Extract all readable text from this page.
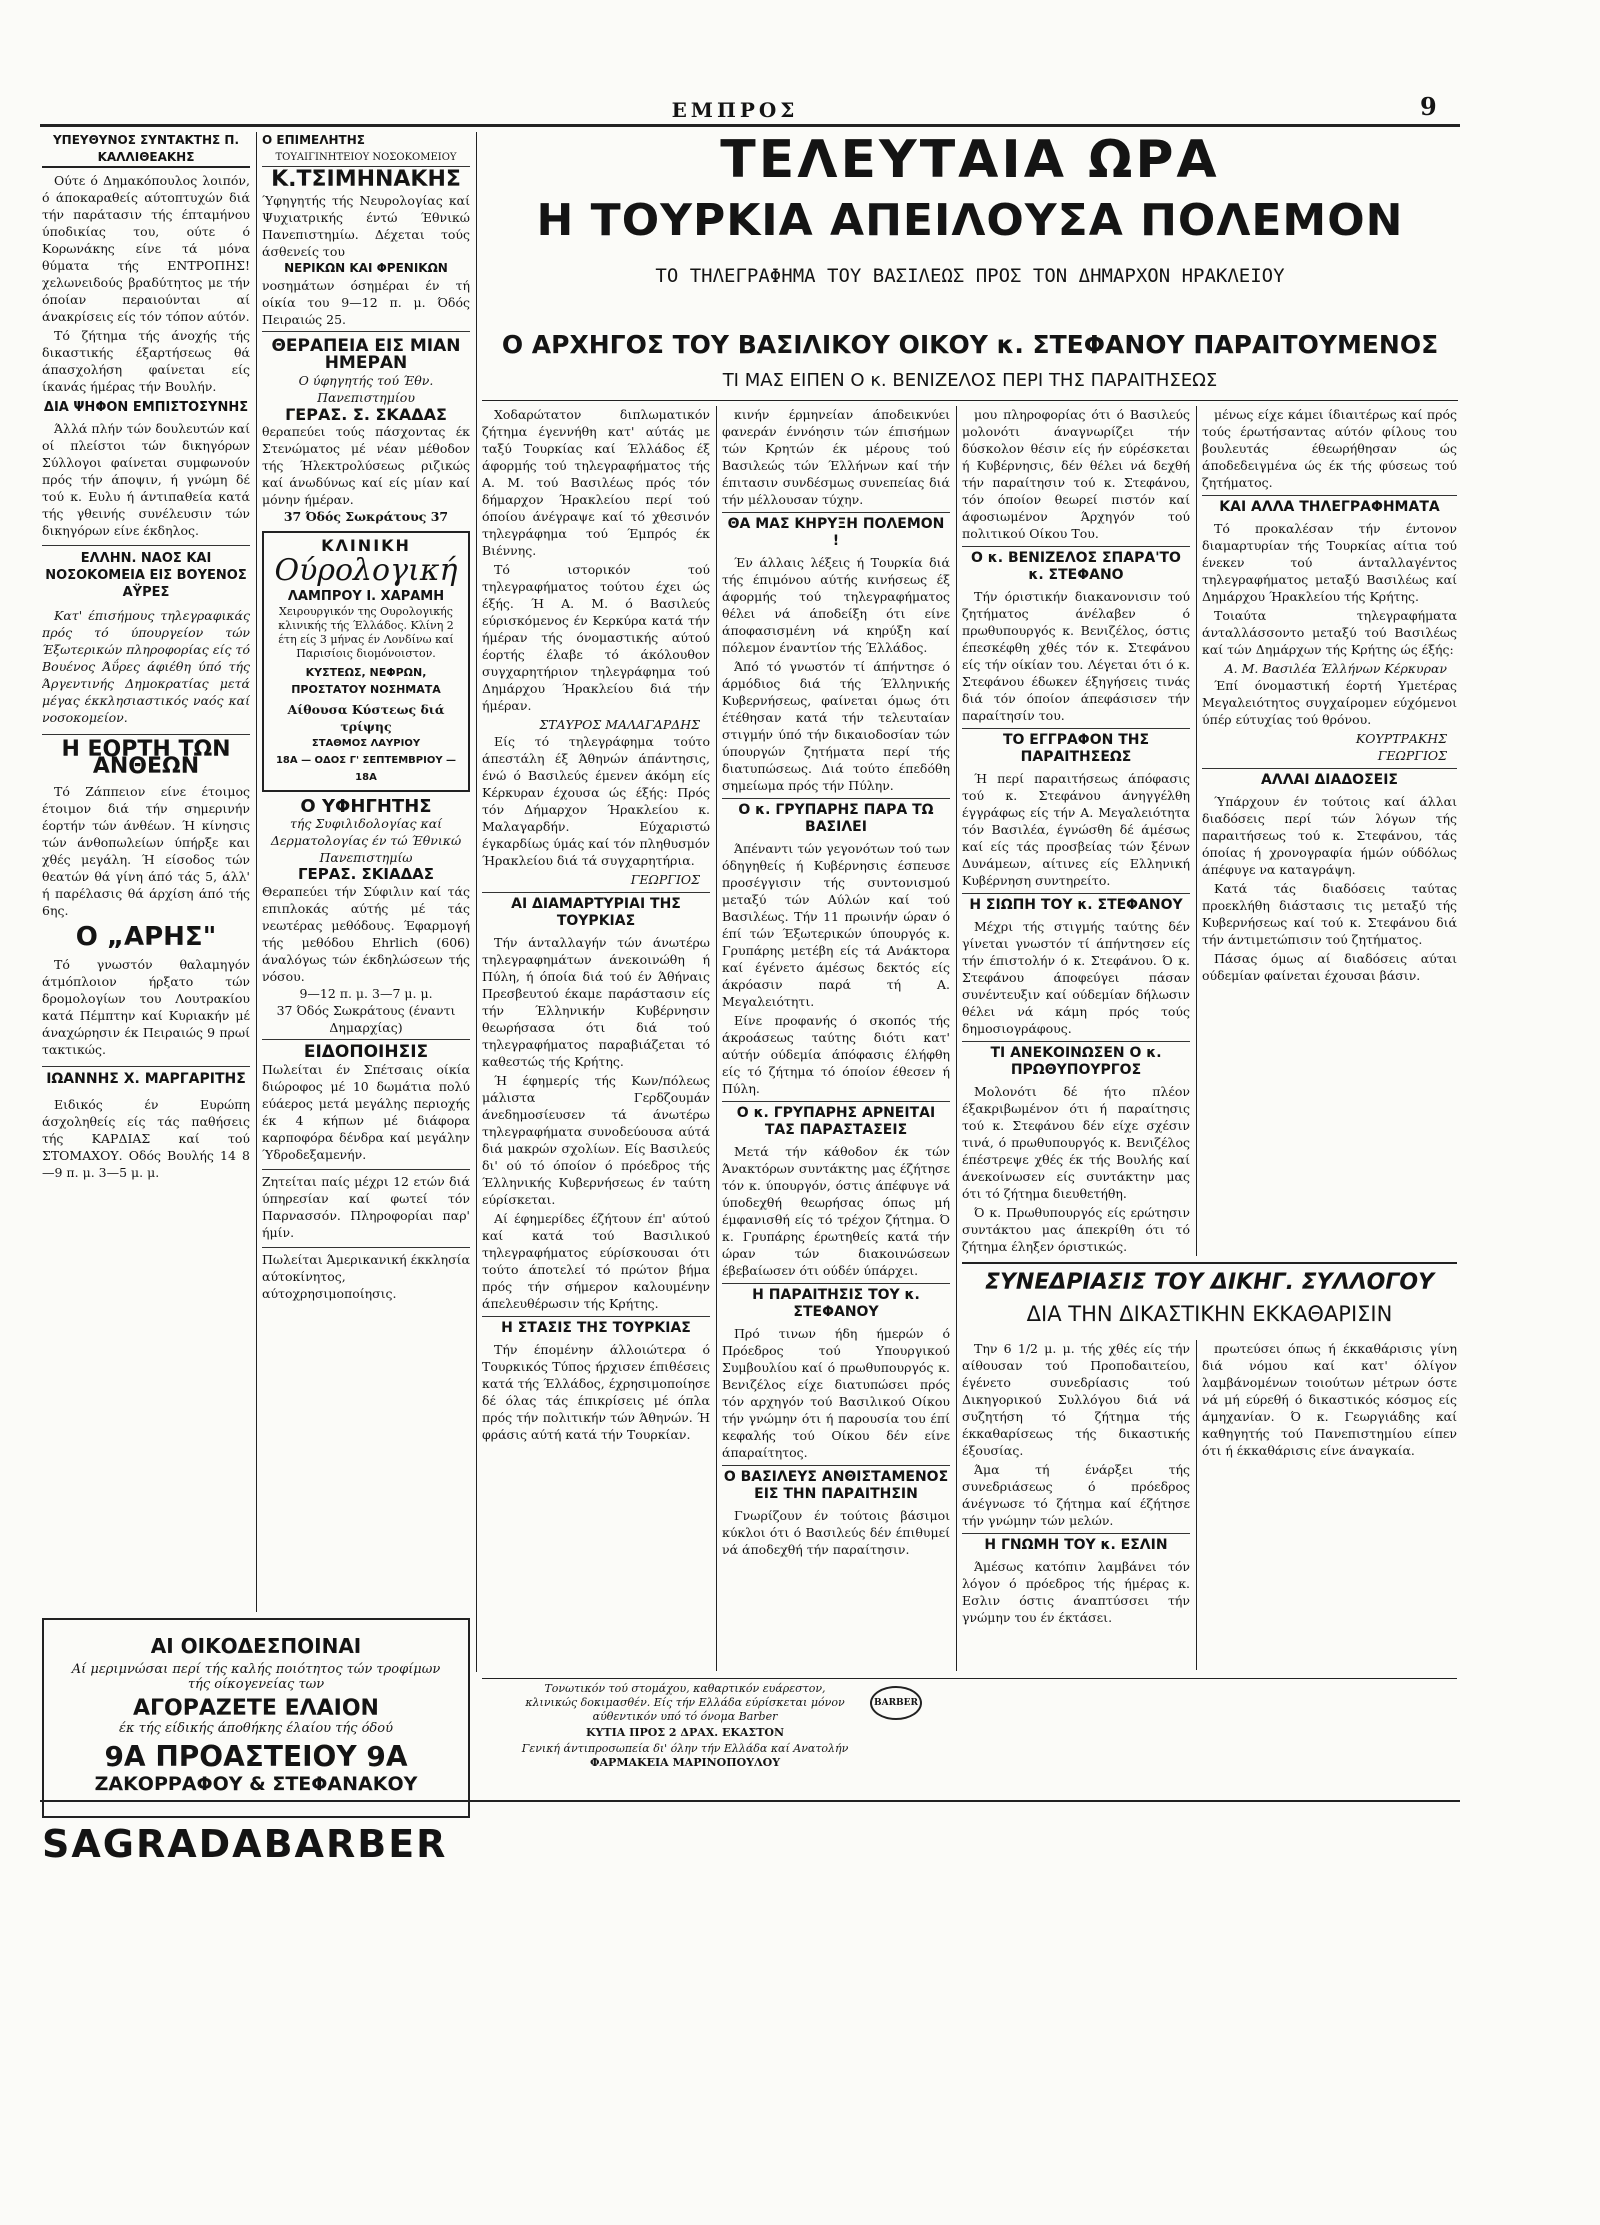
ΕΜΠΡΟΣ	9
ΥΠΕΥΘΥΝΟΣ ΣΥΝΤΑΚΤΗΣ Π. ΚΑΛΛΙΘΕΑΚΗΣ

Ούτε ό Δημακόπουλος λοιπόν, ό άποκαραθείς αύτοπτυχών διά τήν παράτασιν τής έπταμήνου ύποδικίας του, ούτε ό Κορωνάκης είνε τά μόνα θύματα τής ΕΝΤΡΟΠΗΣ! χελωνειδούς βραδύτητος με τήν όποίαν περαιούνται αί άνακρίσεις είς τόν τόπον αύτόν.

Τό ζήτημα τής άνοχής τής δικαστικής έξαρτήσεως θά άπασχολήση φαίνεται είς ίκανάς ήμέρας τήν Βουλήν.

ΔΙΑ ΨΗΦΟΝ ΕΜΠΙΣΤΟΣΥΝΗΣ

Άλλά πλήν τών δουλευτών καί οί πλείστοι τών δικηγόρων Σύλλογοι φαίνεται συμφωνούν πρός τήν άποψιν, ή γνώμη δέ τού κ. Ευλυ ή άντιπαθεία κατά τής γθεινής συνέλευσιν τών δικηγόρων είνε έκδηλος.

ΕΛΛΗΝ. ΝΑΟΣ ΚΑΙ ΝΟΣΟΚΟΜΕΙΑ ΕΙΣ ΒΟΥΕΝΟΣ ΑΫΡΕΣ

Κατ' έπισήμους τηλεγραφικάς πρός τό ύπουργείον τών Έξωτερικών πληροφορίας είς τό Βουένος Άΰρες άφιέθη ύπό τής Άργεντινής Δημοκρατίας μετά μέγας έκκλησιαστικός ναός καί νοσοκομείον.

Η ΕΟΡΤΗ ΤΩΝ ΑΝΘΕΩΝ

Τό Ζάππειον είνε έτοιμος έτοιμον διά τήν σημερινήν έορτήν τών άνθέων. Ή κίνησις τών άνθοπωλείων ύπήρξε και χθές μεγάλη. Ή είσοδος τών θεατών θά γίνη άπό τάς 5, άλλ' ή παρέλασις θά άρχίση άπό τής 6ης.

Ο „ΑΡΗΣ"

Τό γνωστόν θαλαμηγόν άτμόπλοιον ήρξατο τών δρομολογίων του Λουτρακίου κατά Πέμπτην καί Κυριακήν μέ άναχώρησιν έκ Πειραιώς 9 πρωί τακτικώς.

ΙΩΑΝΝΗΣ Χ. ΜΑΡΓΑΡΙΤΗΣ

Ειδικός έν Ευρώπη άσχοληθείς είς τάς παθήσεις τής ΚΑΡΔΙΑΣ καί τού ΣΤΟΜΑΧΟΥ. Οδός Βουλής 14 8—9 π. μ. 3—5 μ. μ.

Ο ΕΠΙΜΕΛΗΤΗΣ
ΤΟΥΑΙΓΙΝΗΤΕΙΟΥ ΝΟΣΟΚΟΜΕΙΟΥ
Κ.ΤΣΙΜΗΝΑΚΗΣ
Ύφηγητής τής Νευρολογίας καί Ψυχιατρικής έντώ Έθνικώ Πανεπιστημίω. Δέχεται τούς άσθενείς του
ΝΕΡΙΚΩΝ ΚΑΙ ΦΡΕΝΙΚΩΝ
νοσημάτων όσημέραι έν τή οίκία του 9—12 π. μ. Όδός Πειραιώς 25.
ΘΕΡΑΠΕΙΑ ΕΙΣ ΜΙΑΝ ΗΜΕΡΑΝ
Ο ύφηγητής τού Έθν. Πανεπιστημίου
ΓΕΡΑΣ. Σ. ΣΚΑΔΑΣ
θεραπεύει τούς πάσχοντας έκ Στενώματος μέ νέαν μέθοδον τής Ήλεκτρολύσεως ριζικώς καί άνωδύνως καί είς μίαν καί μόνην ήμέραν.
37 Όδός Σωκράτους 37
ΚΛΙΝΙΚΗ
Ούρολογική
ΛΑΜΠΡΟΥ Ι. ΧΑΡΑΜΗ
Χειρουργικόν της Ουρολογικής κλινικής τής Έλλάδος. Κλίνη 2 έτη είς 3 μήνας έν Λονδίνω καί Παρισίοις διομόνοιστον.
ΚΥΣΤΕΩΣ, ΝΕΦΡΩΝ, ΠΡΟΣΤΑΤΟΥ ΝΟΣΗΜΑΤΑ
Αίθουσα Κύστεως διά τρίψης
ΣΤΑΘΜΟΣ ΛΑΥΡΙΟΥ
18Α — ΟΔΟΣ Γ' ΣΕΠΤΕΜΒΡΙΟΥ — 18Α
Ο ΥΦΗΓΗΤΗΣ
τής Συφιλιδολογίας καί Δερματολογίας έν τώ Έθνικώ Πανεπιστημίω
ΓΕΡΑΣ. ΣΚΙΑΔΑΣ
Θεραπεύει τήν Σύφιλιν καί τάς επιπλοκάς αύτής μέ τάς νεωτέρας μεθόδους. Έφαρμογή τής μεθόδου Ehrlich (606) άναλόγως τών έκδηλώσεων τής νόσου.
9—12 π. μ. 3—7 μ. μ.
37 Όδός Σωκράτους (έναντι Δημαρχίας)
ΕΙΔΟΠΟΙΗΣΙΣ
Πωλείται έν Σπέτσαις οίκία διώροφος μέ 10 δωμάτια πολύ εύάερος μετά μεγάλης περιοχής έκ 4 κήπων μέ διάφορα καρποφόρα δένδρα καί μεγάλην Ύδροδεξαμενήν.
Ζητείται παίς μέχρι 12 ετών διά ύπηρεσίαν καί φωτεί τόν Παρνασσόν. Πληροφορίαι παρ' ήμίν.
Πωλείται Άμερικανική έκκλησία αύτοκίνητος, αύτοχρησιμοποίησις.
ΤΕΛΕΥΤΑΙΑ ΩΡΑ
Η ΤΟΥΡΚΙΑ ΑΠΕΙΛΟΥΣΑ ΠΟΛΕΜΟΝ
ΤΟ ΤΗΛΕΓΡΑΦΗΜΑ ΤΟΥ ΒΑΣΙΛΕΩΣ ΠΡΟΣ ΤΟΝ ΔΗΜΑΡΧΟΝ ΗΡΑΚΛΕΙΟΥ
Ο ΑΡΧΗΓΟΣ ΤΟΥ ΒΑΣΙΛΙΚΟΥ ΟΙΚΟΥ κ. ΣΤΕΦΑΝΟΥ ΠΑΡΑΙΤΟΥΜΕΝΟΣ
ΤΙ ΜΑΣ ΕΙΠΕΝ Ο κ. ΒΕΝΙΖΕΛΟΣ ΠΕΡΙ ΤΗΣ ΠΑΡΑΙΤΗΣΕΩΣ

Χοδαρώτατον διπλωματικόν ζήτημα έγεννήθη κατ' αύτάς με ταξύ Τουρκίας καί Έλλάδος έξ άφορμής τού τηλεγραφήματος τής Α. Μ. τού Βασιλέως πρός τόν δήμαρχον Ήρακλείου περί τού όποίου άνέγραψε καί τό χθεσινόν τηλεγράφημα τού Έμπρός έκ Βιέννης.

Τό ιστορικόν τού τηλεγραφήματος τούτου έχει ώς έξής. Ή Α. Μ. ό Βασιλεύς εύρισκόμενος έν Κερκύρα κατά τήν ήμέραν τής όνομαστικής αύτού έορτής έλαβε τό άκόλουθον συγχαρητήριον τηλεγράφημα τού Δημάρχου Ήρακλείου διά τήν ήμέραν.

ΣΤΑΥΡΟΣ ΜΑΛΑΓΑΡΔΗΣ

Είς τό τηλεγράφημα τούτο άπεστάλη έξ Άθηνών άπάντησις, ένώ ό Βασιλεύς έμενεν άκόμη είς Κέρκυραν έχουσα ώς έξής: Πρός τόν Δήμαρχον Ήρακλείου κ. Μαλαγαρδήν. Εύχαριστώ έγκαρδίως ύμάς καί τόν πληθυσμόν Ήρακλείου διά τά συγχαρητήρια.

ΓΕΩΡΓΙΟΣ
ΑΙ ΔΙΑΜΑΡΤΥΡΙΑΙ ΤΗΣ ΤΟΥΡΚΙΑΣ

Τήν άνταλλαγήν τών άνωτέρω τηλεγραφημάτων άνεκοινώθη ή Πύλη, ή όποία διά τού έν Άθήναις Πρεσβευτού έκαμε παράστασιν είς τήν Έλληνικήν Κυβέρνησιν θεωρήσασα ότι διά τού τηλεγραφήματος παραβιάζεται τό καθεστώς τής Κρήτης.

Ή έφημερίς τής Κων/πόλεως μάλιστα Γερδζουμάν άνεδημοσίευσεν τά άνωτέρω τηλεγραφήματα συνοδεύουσα αύτά διά μακρών σχολίων. Είς Βασιλεύς δι' ού τό όποίον ό πρόεδρος τής Έλληνικής Κυβερνήσεως έν ταύτη εύρίσκεται.

Αί έφημερίδες έζήτουν έπ' αύτού καί κατά τού Βασιλικού τηλεγραφήματος εύρίσκουσαι ότι τούτο άποτελεί τό πρώτον βήμα πρός τήν σήμερον καλουμένην άπελευθέρωσιν τής Κρήτης.

Η ΣΤΑΣΙΣ ΤΗΣ ΤΟΥΡΚΙΑΣ

Τήν έπομένην άλλοιώτερα ό Τουρκικός Τύπος ήρχισεν έπιθέσεις κατά τής Έλλάδος, έχρησιμοποίησε δέ όλας τάς έπικρίσεις μέ όπλα πρός τήν πολιτικήν τών Άθηνών. Ή φράσις αύτή κατά τήν Τουρκίαν.

κινήν έρμηνείαν άποδεικνύει φανεράν έννόησιν τών έπισήμων τών Κρητών έκ μέρους τού Βασιλεώς τών Έλλήνων καί τήν έπιτασιν συνδέσμως συνεπείας διά τήν μέλλουσαν τύχην.

ΘΑ ΜΑΣ ΚΗΡΥΞΗ ΠΟΛΕΜΟΝ !

Έν άλλαις λέξεις ή Τουρκία διά τής έπιμόνου αύτής κινήσεως έξ άφορμής τού τηλεγραφήματος θέλει νά άποδείξη ότι είνε άποφασισμένη νά κηρύξη καί πόλεμον έναντίον τής Έλλάδος.

Άπό τό γνωστόν τί άπήντησε ό άρμόδιος διά τής Έλληνικής Κυβερνήσεως, φαίνεται όμως ότι έτέθησαν κατά τήν τελευταίαν στιγμήν ύπό τήν δικαιοδοσίαν τών ύπουργών ζητήματα περί τής διατυπώσεως. Διά τούτο έπεδόθη σημείωμα πρός τήν Πύλην.

Ο κ. ΓΡΥΠΑΡΗΣ ΠΑΡΑ ΤΩ ΒΑΣΙΛΕΙ

Άπέναντι τών γεγονότων τού των όδηγηθείς ή Κυβέρνησις έσπευσε προσέγγισιν τής συντονισμού μεταξύ τών Αύλών καί τού Βασιλέως. Τήν 11 πρωινήν ώραν ό έπί τών Έξωτερικών ύπουργός κ. Γρυπάρης μετέβη είς τά Ανάκτορα καί έγένετο άμέσως δεκτός είς άκρόασιν παρά τή Α. Μεγαλειότητι.

Είνε προφανής ό σκοπός τής άκροάσεως ταύτης διότι κατ' αύτήν ούδεμία άπόφασις έλήφθη είς τό ζήτημα τό όποίον έθεσεν ή Πύλη.

Ο κ. ΓΡΥΠΑΡΗΣ ΑΡΝΕΙΤΑΙ ΤΑΣ ΠΑΡΑΣΤΑΣΕΙΣ

Μετά τήν κάθοδον έκ τών Άνακτόρων συντάκτης μας έζήτησε τόν κ. ύπουργόν, όστις άπέφυγε νά ύποδεχθή θεωρήσας όπως μή έμφανισθή είς τό τρέχον ζήτημα. Ό κ. Γρυπάρης έρωτηθείς κατά τήν ώραν τών διακοινώσεων έβεβαίωσεν ότι ούδέν ύπάρχει.

Η ΠΑΡΑΙΤΗΣΙΣ ΤΟΥ κ. ΣΤΕΦΑΝΟΥ

Πρό τινων ήδη ήμερών ό Πρόεδρος τού Υπουργικού Συμβουλίου καί ό πρωθυπουργός κ. Βενιζέλος είχε διατυπώσει πρός τόν αρχηγόν τού Βασιλικού Οίκου τήν γνώμην ότι ή παρουσία του έπί κεφαλής τού Οίκου δέν είνε άπαραίτητος.

Ο ΒΑΣΙΛΕΥΣ ΑΝΘΙΣΤΑΜΕΝΟΣ ΕΙΣ ΤΗΝ ΠΑΡΑΙΤΗΣΙΝ

Γνωρίζουν έν τούτοις βάσιμοι κύκλοι ότι ό Βασιλεύς δέν έπιθυμεί νά άποδεχθή τήν παραίτησιν.

μου πληροφορίας ότι ό Βασιλεύς μολονότι άναγνωρίζει τήν δύσκολον θέσιν είς ήν εύρέσκεται ή Κυβέρνησις, δέν θέλει νά δεχθή τήν παραίτησιν τού κ. Στεφάνου, τόν όποίον θεωρεί πιστόν καί άφοσιωμένον Άρχηγόν τού πολιτικού Οίκου Του.

Ο κ. ΒΕΝΙΖΕΛΟΣ ΣΠΑΡΑ'ΤΟ κ. ΣΤΕΦΑΝΟ

Τήν όριστικήν διακανονισιν τού ζητήματος άνέλαβεν ό πρωθυπουργός κ. Βενιζέλος, όστις έπεσκέφθη χθές τόν κ. Στεφάνου είς τήν οίκίαν του. Λέγεται ότι ό κ. Στεφάνου έδωκεν έξηγήσεις τινάς διά τόν όποίον άπεφάσισεν τήν παραίτησίν του.

ΤΟ ΕΓΓΡΑΦΟΝ ΤΗΣ ΠΑΡΑΙΤΗΣΕΩΣ

Ή περί παραιτήσεως άπόφασις τού κ. Στεφάνου άνηγγέλθη έγγράφως είς τήν Α. Μεγαλειότητα τόν Βασιλέα, έγνώσθη δέ άμέσως καί είς τάς προσβείας τών ξένων Δυνάμεων, αίτινες είς Ελληνική Κυβέρνηση συντηρείτο.

Η ΣΙΩΠΗ ΤΟΥ κ. ΣΤΕΦΑΝΟΥ

Μέχρι τής στιγμής ταύτης δέν γίνεται γνωστόν τί άπήντησεν είς τήν έπιστολήν ό κ. Στεφάνου. Ό κ. Στεφάνου άποφεύγει πάσαν συνέντευξιν καί ούδεμίαν δήλωσιν θέλει νά κάμη πρός τούς δημοσιογράφους.

ΤΙ ΑΝΕΚΟΙΝΩΣΕΝ Ο κ. ΠΡΩΘΥΠΟΥΡΓΟΣ

Μολονότι δέ ήτο πλέον έξακριβωμένον ότι ή παραίτησις τού κ. Στεφάνου δέν είχε σχέσιν τινά, ό πρωθυπουργός κ. Βενιζέλος έπέστρεψε χθές έκ τής Βουλής καί άνεκοίνωσεν είς συντάκτην μας ότι τό ζήτημα διευθετήθη.

Ό κ. Πρωθυπουργός είς ερώτησιν συντάκτου μας άπεκρίθη ότι τό ζήτημα έληξεν όριστικώς.

μένως είχε κάμει ίδιαιτέρως καί πρός τούς έρωτήσαντας αύτόν φίλους του βουλευτάς έθεωρήθησαν ώς άποδεδειγμένα ώς έκ τής φύσεως τού ζητήματος.

ΚΑΙ ΑΛΛΑ ΤΗΛΕΓΡΑΦΗΜΑΤΑ

Τό προκαλέσαν τήν έντονον διαμαρτυρίαν τής Τουρκίας αίτια τού ένεκεν τού άνταλλαγέντος τηλεγραφήματος μεταξύ Βασιλέως καί Δημάρχου Ήρακλείου τής Κρήτης.

Τοιαύτα τηλεγραφήματα άνταλλάσσοντο μεταξύ τού Βασιλέως καί τών Δημάρχων τής Κρήτης ώς έξής:

Α. Μ. Βασιλέα Έλλήνων Κέρκυραν

Έπί όνομαστική έορτή Υμετέρας Μεγαλειότητος συγχαίρομεν εύχόμενοι ύπέρ εύτυχίας τού θρόνου.

ΚΟΥΡΤΡΑΚΗΣ
ΓΕΩΡΓΙΟΣ
ΑΛΛΑΙ ΔΙΑΔΟΣΕΙΣ

Ύπάρχουν έν τούτοις καί άλλαι διαδόσεις περί τών λόγων τής παραιτήσεως τού κ. Στεφάνου, τάς όποίας ή χρονογραφία ήμών ούδόλως άπέφυγε να καταγράψη.

Κατά τάς διαδόσεις ταύτας προεκλήθη διάστασις τις μεταξύ τής Κυβερνήσεως καί τού κ. Στεφάνου διά τήν άντιμετώπισιν τού ζητήματος.

Πάσας όμως αί διαδόσεις αύται ούδεμίαν φαίνεται έχουσαι βάσιν.

ΣΥΝΕΔΡΙΑΣΙΣ ΤΟΥ ΔΙΚΗΓ. ΣΥΛΛΟΓΟΥ
ΔΙΑ ΤΗΝ ΔΙΚΑΣΤΙΚΗΝ ΕΚΚΑΘΑΡΙΣΙΝ

Την 6 1/2 μ. μ. τής χθές είς τήν αίθουσαν τού Προποδαιτείου, έγένετο συνεδρίασις τού Δικηγορικού Συλλόγου διά νά συζητήση τό ζήτημα τής έκκαθαρίσεως τής δικαστικής έξουσίας.

Άμα τή ένάρξει τής συνεδριάσεως ό πρόεδρος άνέγνωσε τό ζήτημα καί έζήτησε τήν γνώμην τών μελών.

Η ΓΝΩΜΗ ΤΟΥ κ. ΕΣΛΙΝ

Άμέσως κατόπιν λαμβάνει τόν λόγον ό πρόεδρος τής ήμέρας κ. Εσλιν όστις άναπτύσσει τήν γνώμην του έν έκτάσει.

πρωτεύσει όπως ή έκκαθάρισις γίνη διά νόμου καί κατ' όλίγον λαμβάνομένων τοιούτων μέτρων όστε νά μή εύρεθή ό δικαστικός κόσμος είς άμηχανίαν. Ό κ. Γεωργιάδης καί καθηγητής τού Πανεπιστημίου είπεν ότι ή έκκαθάρισις είνε άναγκαία.

ΑΙ ΟΙΚΟΔΕΣΠΟΙΝΑΙ
Αί μεριμνώσαι περί τής καλής ποιότητος τών τροφίμων τής οίκογενείας των
ΑΓΟΡΑΖΕΤΕ ΕΛΑΙΟΝ
έκ τής είδικής άποθήκης έλαίου τής όδού
9Α ΠΡΟΑΣΤΕΙΟΥ 9Α
ΖΑΚΟΡΡΑΦΟΥ & ΣΤΕΦΑΝΑΚΟΥ
SAGRADABARBER
Τονωτικόν τού στομάχου, καθαρτικόν ευάρεστον, κλινικώς δοκιμασθέν. Είς τήν Ελλάδα εύρίσκεται μόνον αύθεντικόν υπό τό όνομα Barber
ΚΥΤΙΑ ΠΡΟΣ 2 ΔΡΑΧ. ΕΚΑΣΤΟΝ
Γενική άντιπροσωπεία δι' όλην τήν Ελλάδα καί Ανατολήν
ΦΑΡΜΑΚΕΙΑ ΜΑΡΙΝΟΠΟΥΛΟΥ
BARBER
